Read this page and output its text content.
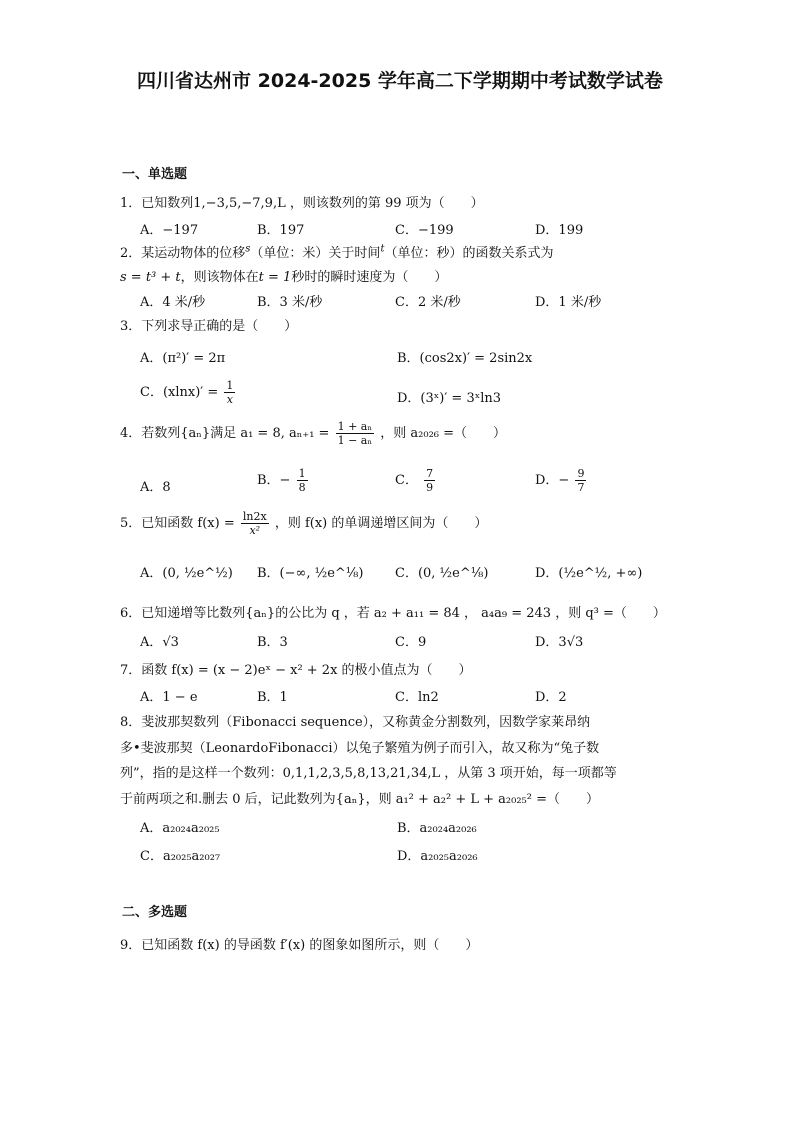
四川省达州市 2024-2025 学年高二下学期期中考试数学试卷
一、单选题
1．已知数列1,−3,5,−7,9,L ，则该数列的第 99 项为（　　）
A．−197	B．197	C．−199	D．199
2．某运动物体的位移$^s$（单位：米）关于时间$^t$（单位：秒）的函数关系式为
s = t³ + t，则该物体在t = 1秒时的瞬时速度为（　　）
A．4 米/秒	B．3 米/秒	C．2 米/秒	D．1 米/秒
3．下列求导正确的是（　　）
A．(π²)′ = 2π	B．(cos2x)′ = 2sin2x
C．$(xlnx)' = \frac{1}{x}$	D．(3ˣ)′ = 3ˣln3
4．若数列{aₙ}满足 a₁ = 8, $a_{n+1} = \frac{\text{1 + aₙ}}{\text{1 − aₙ}}$ ，则 a₂₀₂₆ =（　　）
A．8	B．− $\frac{1}{8}$	C． $\frac{7}{9}$	D．− $\frac{9}{7}$
5．已知函数 $f(x) = \frac{\ln 2x}{\text{x²}}$ ，则 f(x) 的单调递增区间为（　　）
A．(0, ½e^½) B．(−∞, ½e^⅛) C．(0, ½e^⅛)	D．(½e^½, +∞)
6．已知递增等比数列{aₙ}的公比为 q ，若 a₂ + a₁₁ = 84 ， a₄a₉ = 243 ，则 q³ =（　　）
A．√3	B．3	C．9	D．3√3
7．函数 f(x) = (x − 2)eˣ − x² + 2x 的极小值点为（　　）
A．1 − e	B．1	C．ln2	D．2
8．斐波那契数列（Fibonacci sequence），又称黄金分割数列，因数学家莱昂纳
多•斐波那契（LeonardoFibonacci）以兔子繁殖为例子而引入，故又称为“兔子数
列”，指的是这样一个数列：0,1,1,2,3,5,8,13,21,34,L ，从第 3 项开始，每一项都等
于前两项之和.删去 0 后，记此数列为{aₙ}，则 a₁² + a₂² + L + a₂₀₂₅² =（　　）
A．a₂₀₂₄a₂₀₂₅	B．a₂₀₂₄a₂₀₂₆
C．a₂₀₂₅a₂₀₂₇	D．a₂₀₂₅a₂₀₂₆
二、多选题
9．已知函数 f(x) 的导函数 f′(x) 的图象如图所示，则（　　）
